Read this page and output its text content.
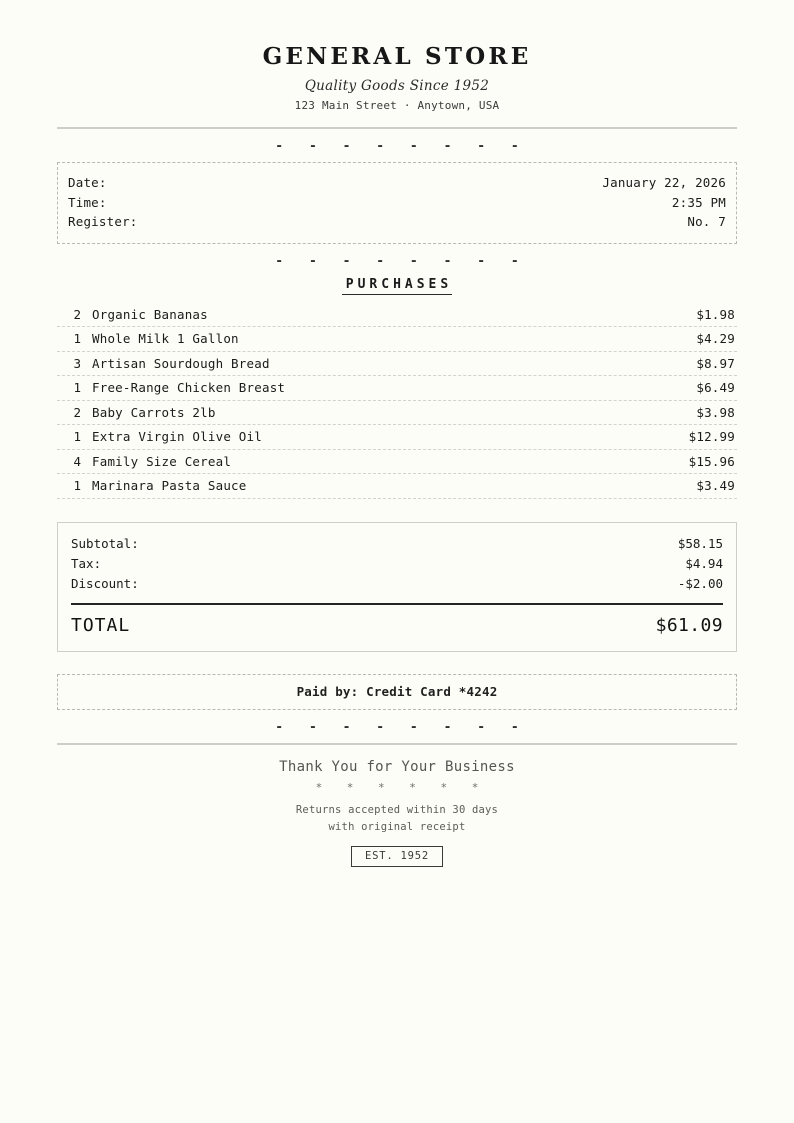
GENERAL STORE
Quality Goods Since 1952
123 Main Street · Anytown, USA
- - - - - - - -
Date:	January 22, 2026
Time:	2:35 PM
Register:	No. 7
- - - - - - - -
PURCHASES
2 Organic Bananas	$1.98
1 Whole Milk 1 Gallon	$4.29
3 Artisan Sourdough Bread	$8.97
1 Free-Range Chicken Breast	$6.49
2 Baby Carrots 2lb	$3.98
1 Extra Virgin Olive Oil	$12.99
4 Family Size Cereal	$15.96
1 Marinara Pasta Sauce	$3.49
Subtotal:	$58.15
Tax:	$4.94
Discount:	-$2.00
TOTAL	$61.09
Paid by: Credit Card *4242
- - - - - - - -
Thank You for Your Business
* * * * * *
Returns accepted within 30 days
with original receipt
EST. 1952
